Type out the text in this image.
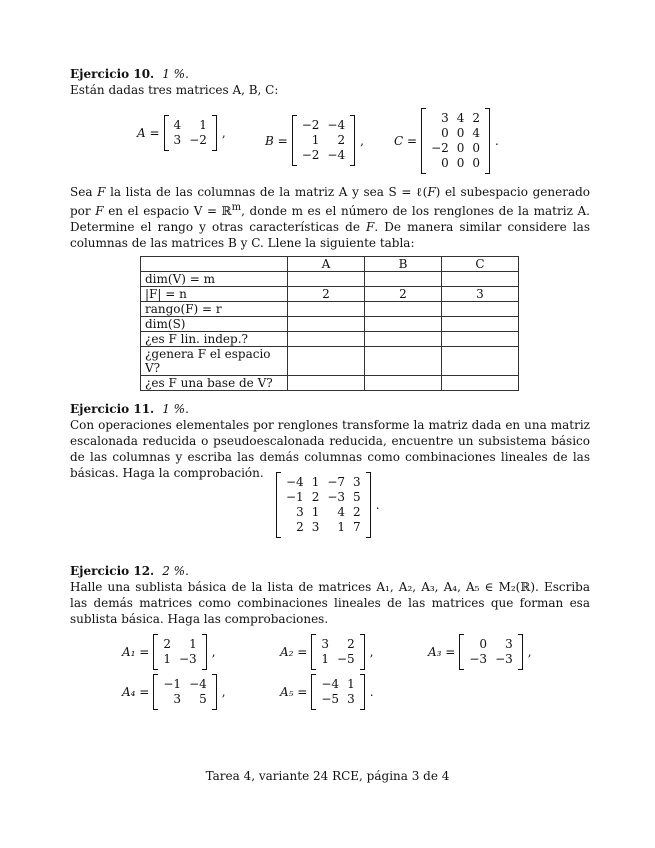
Ejercicio 10. 1 %.
Están dadas tres matrices A, B, C:
A =
4	1
3	−2 ,
B =
−2	−4
1	2
−2	−4
,	C =
3	4	2
0	0	4
−2	0	0
0	0	0
.
Sea F la lista de las columnas de la matriz A y sea S = ℓ(F) el subespacio generado por F en el espacio V = ℝ$^m$, donde m es el número de los renglones de la matriz A. Determine el rango y otras características de F. De manera similar considere las columnas de las matrices B y C. Llene la siguiente tabla:
	A	B	C
dim(V) = m			
|F| = n	2	2	3
rango(F) = r			
dim(S)			
¿es F lin. indep.?			
¿genera F el espacio V?			
¿es F una base de V?			
Ejercicio 11. 1 %.
Con operaciones elementales por renglones transforme la matriz dada en una matriz escalonada reducida o pseudoescalonada reducida, encuentre un subsistema básico de las columnas y escriba las demás columnas como combinaciones lineales de las básicas. Haga la comprobación.
−4	1	−7	3
−1	2	−3	5
3	1	4	2
2	3	1	7
.
Ejercicio 12. 2 %.
Halle una sublista básica de la lista de matrices A₁, A₂, A₃, A₄, A₅ ∈ M₂(ℝ). Escriba las demás matrices como combinaciones lineales de las matrices que forman esa sublista básica. Haga las comprobaciones.
A₁ =
2	1
1	−3 ,	A₂ =
3	2
1	−5 ,	A₃ =
0	3
−3	−3 ,
A₄ =
−1	−4
3	5 ,	A₅ =
−4	1
−5	3 .
Tarea 4, variante 24 RCE, página 3 de 4
